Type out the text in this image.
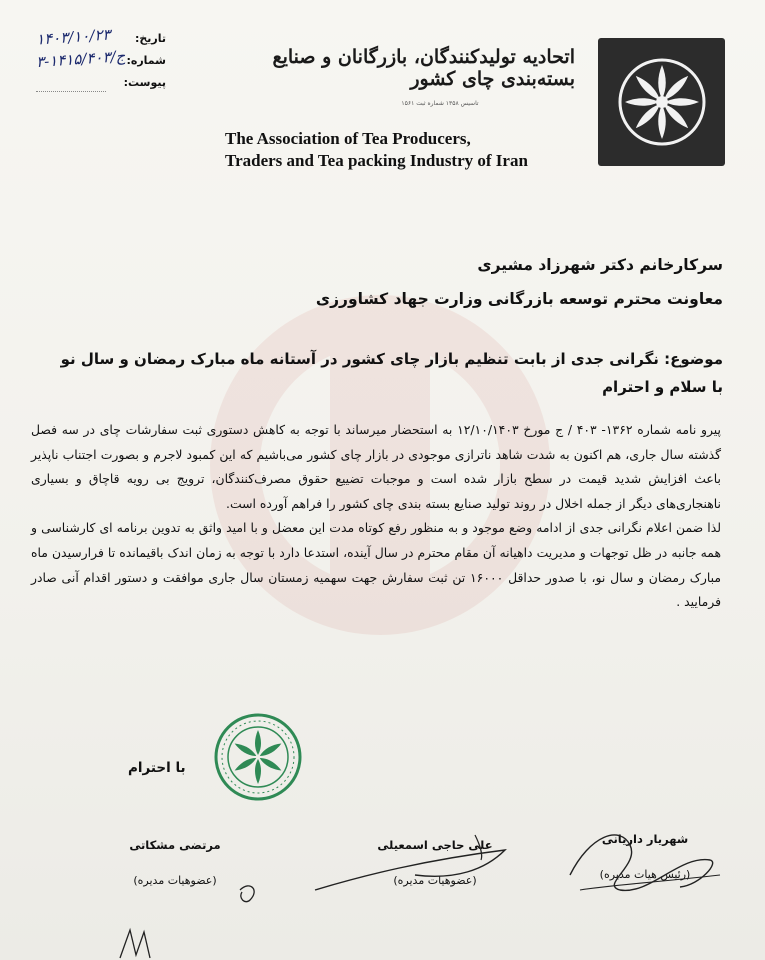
۱۴۰۳/۱۰/۲۳ تاریخ:
۳-۱۴۱۵/۴۰۳/ج شماره:
پیوست:
اتحادیه تولیدکنندگان، بازرگانان و صنایع بسته‌بندی چای کشور
تاسیس ۱۳۵۸ شماره ثبت ۱۵۶۱
The Association of Tea Producers,
Traders and Tea packing Industry of Iran
سرکارخانم دکتر شهرزاد مشیری
معاونت محترم توسعه بازرگانی وزارت جهاد کشاورزی
موضوع: نگرانی جدی از بابت تنظیم بازار چای کشور در آستانه ماه مبارک رمضان و سال نو
با سلام و احترام

پیرو نامه شماره ۱۳۶۲- ۴۰۳ / ج مورخ ۱۲/۱۰/۱۴۰۳ به استحضار میرساند با توجه به کاهش دستوری ثبت سفارشات چای در سه فصل گذشته سال جاری، هم اکنون به شدت شاهد ناترازی موجودی در بازار چای کشور می‌باشیم که این کمبود لاجرم و بصورت اجتناب ناپذیر باعث افزایش شدید قیمت در سطح بازار شده است و موجبات تضییع حقوق مصرف‌کنندگان، ترویج بی رویه قاچاق و بسیاری ناهنجاری‌های دیگر از جمله اخلال در روند تولید صنایع بسته بندی چای کشور را فراهم آورده است.

لذا ضمن اعلام نگرانی جدی از ادامه وضع موجود و به منظور رفع کوتاه مدت این معضل و با امید واثق به تدوین برنامه ای کارشناسی و همه جانبه در ظل توجهات و مدیریت داهیانه آن مقام محترم در سال آینده، استدعا دارد با توجه به زمان اندک باقیمانده تا فرارسیدن ماه مبارک رمضان و سال نو، با صدور حداقل ۱۶۰۰۰ تن ثبت سفارش جهت سهمیه زمستان سال جاری موافقت و دستور اقدام آنی صادر فرمایید .

با احترام
شهریار داریانی
(رئیس هیات مدیره)
علی حاجی اسمعیلی
(عضوهیات مدیره)
مرتضی مشکاتی
(عضوهیات مدیره)
